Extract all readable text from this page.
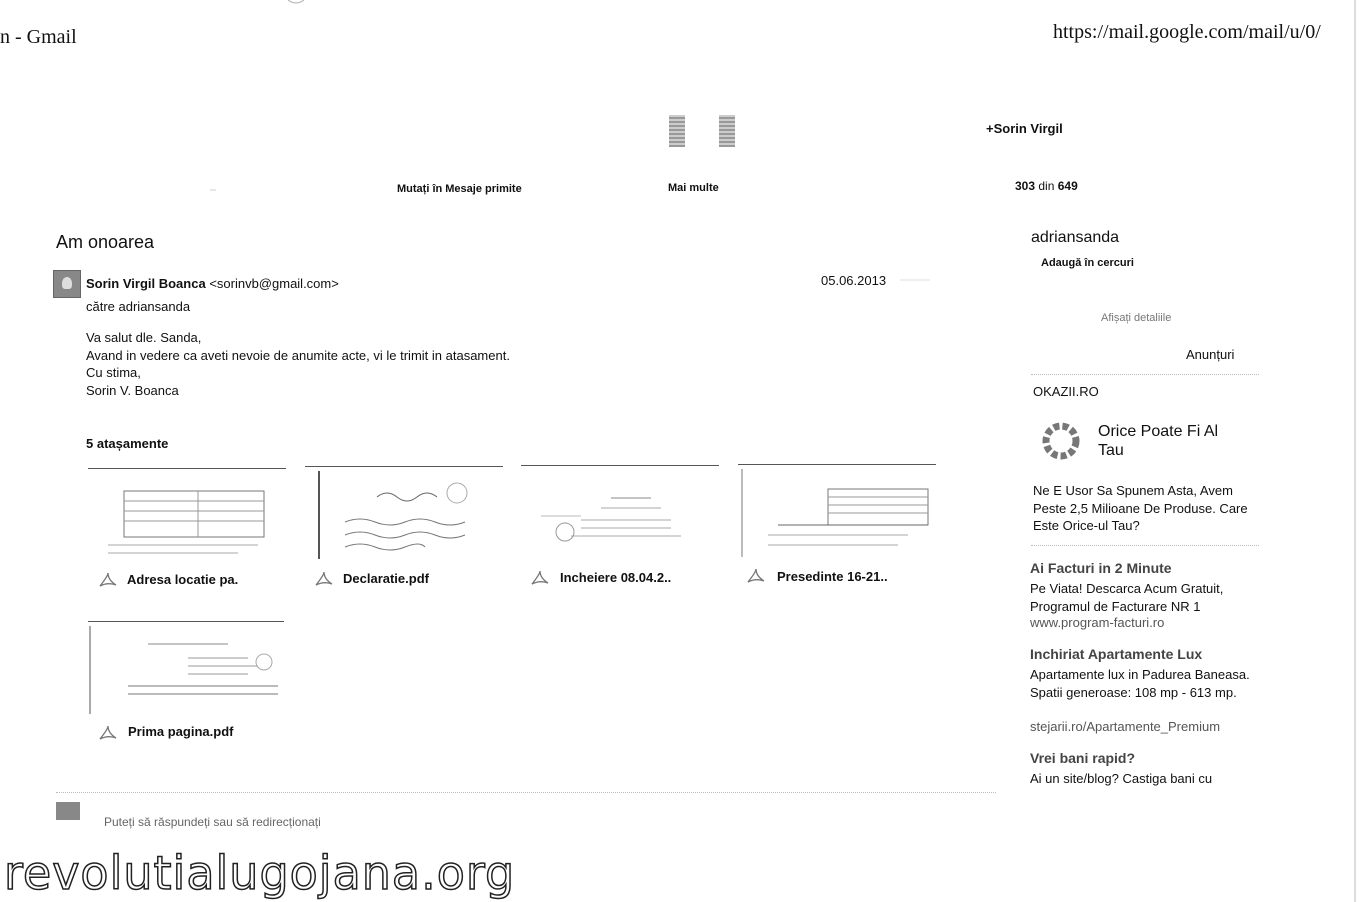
n - Gmail	https://mail.google.com/mail/u/0/
+Sorin Virgil
Mutați în Mesaje primite	Mai multe	303 din 649
Am onoarea
Sorin Virgil Boanca <sorinvb@gmail.com>	05.06.2013
către adriansanda
Va salut dle. Sanda,
Avand in vedere ca aveti nevoie de anumite acte, vi le trimit in atasament.
Cu stima,
Sorin V. Boanca
5 atașamente
Adresa locatie pa.	Declaratie.pdf	Incheiere 08.04.2..	Presedinte 16-21..
Prima pagina.pdf
Puteți să răspundeți sau să redirecționați
adriansanda
Adaugă în cercuri
Afișați detaliile
Anunțuri
OKAZII.RO
Orice Poate Fi Al Tau
Ne E Usor Sa Spunem Asta, Avem Peste 2,5 Milioane De Produse. Care Este Orice-ul Tau?
Ai Facturi in 2 Minute
Pe Viata! Descarca Acum Gratuit, Programul de Facturare NR 1
www.program-facturi.ro
Inchiriat Apartamente Lux
Apartamente lux in Padurea Baneasa. Spatii generoase: 108 mp - 613 mp.
stejarii.ro/Apartamente_Premium
Vrei bani rapid?
Ai un site/blog? Castiga bani cu
revolutialugojana.org
